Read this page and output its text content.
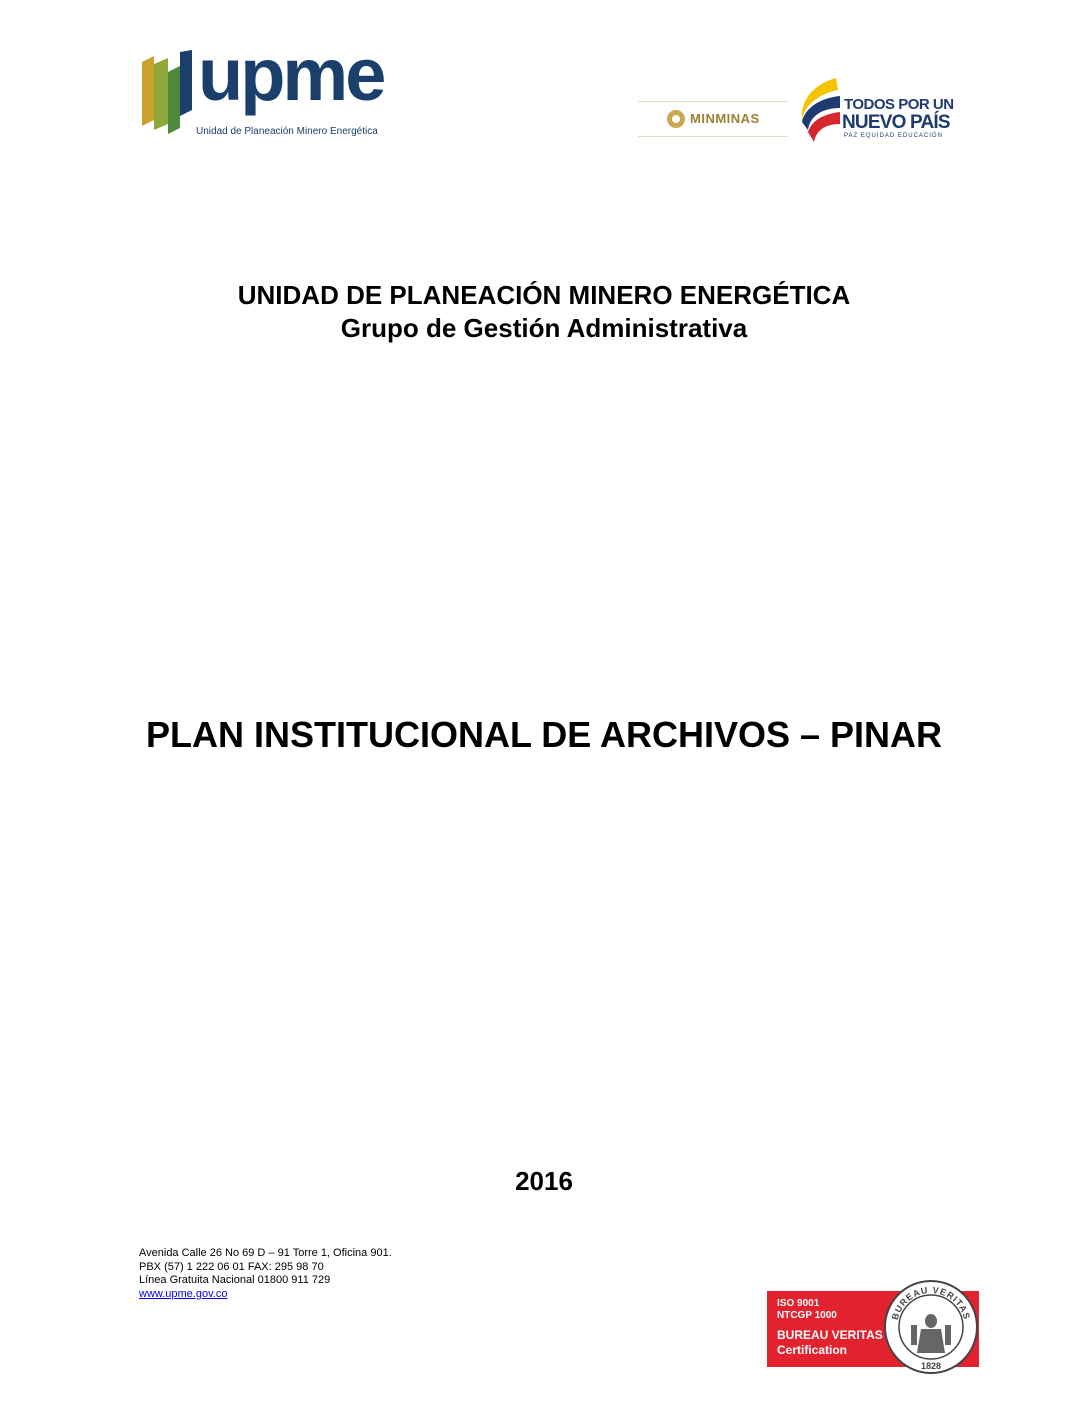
upme
Unidad de Planeación Minero Energética
MINMINAS
TODOS POR UN
NUEVO PAÍS
PAZ EQUIDAD EDUCACIÓN
UNIDAD DE PLANEACIÓN MINERO ENERGÉTICA
Grupo de Gestión Administrativa
PLAN INSTITUCIONAL DE ARCHIVOS – PINAR
2016
Avenida Calle 26 No 69 D – 91 Torre 1, Oficina 901.
PBX (57) 1 222 06 01 FAX: 295 98 70
Línea Gratuita Nacional 01800 911 729
www.upme.gov.co
ISO 9001
NTCGP 1000
BUREAU VERITAS
Certification
BUREAU VERITAS
1828
